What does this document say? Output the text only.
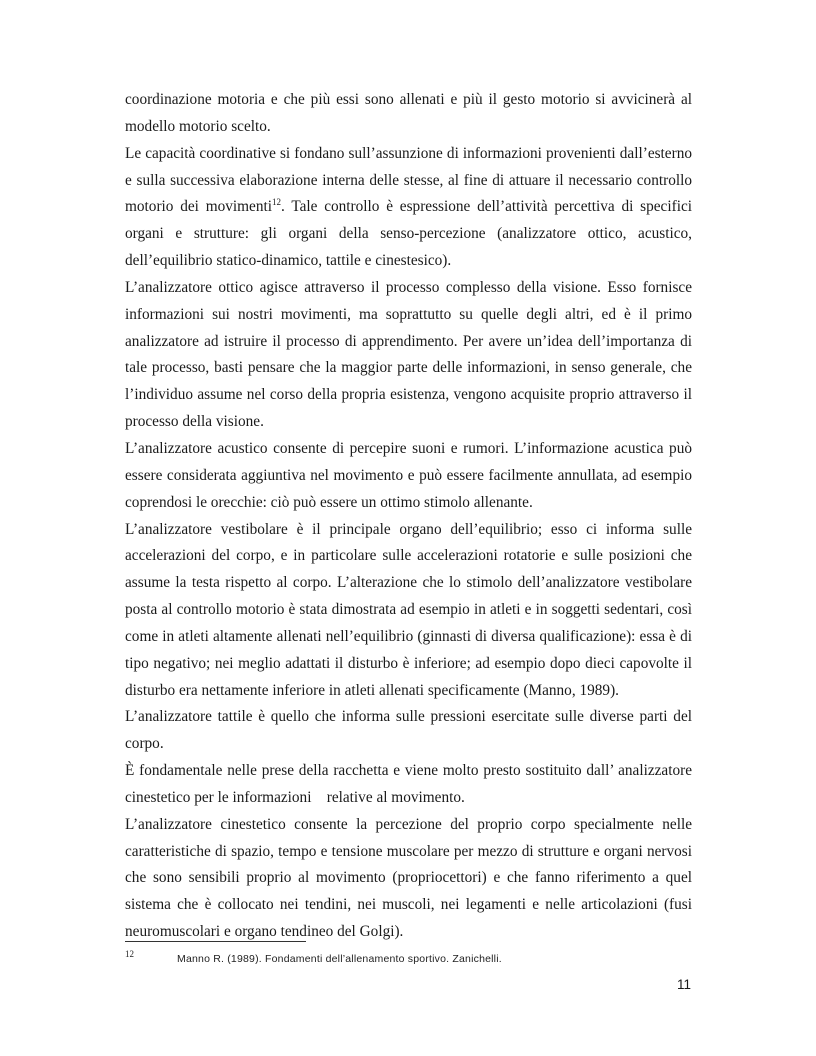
coordinazione motoria e che più essi sono allenati e più il gesto motorio si avvicinerà al modello motorio scelto.

Le capacità coordinative si fondano sull’assunzione di informazioni provenienti dall’esterno e sulla successiva elaborazione interna delle stesse, al fine di attuare il necessario controllo motorio dei movimenti$^{12}$. Tale controllo è espressione dell’attività percettiva di specifici organi e strutture: gli organi della senso-percezione (analizzatore ottico, acustico, dell’equilibrio statico-dinamico, tattile e cinestesico).

L’analizzatore ottico agisce attraverso il processo complesso della visione. Esso fornisce informazioni sui nostri movimenti, ma soprattutto su quelle degli altri, ed è il primo analizzatore ad istruire il processo di apprendimento. Per avere un’idea dell’importanza di tale processo, basti pensare che la maggior parte delle informazioni, in senso generale, che l’individuo assume nel corso della propria esistenza, vengono acquisite proprio attraverso il processo della visione.

L’analizzatore acustico consente di percepire suoni e rumori. L’informazione acustica può essere considerata aggiuntiva nel movimento e può essere facilmente annullata, ad esempio coprendosi le orecchie: ciò può essere un ottimo stimolo allenante.

L’analizzatore vestibolare è il principale organo dell’equilibrio; esso ci informa sulle accelerazioni del corpo, e in particolare sulle accelerazioni rotatorie e sulle posizioni che assume la testa rispetto al corpo. L’alterazione che lo stimolo dell’analizzatore vestibolare posta al controllo motorio è stata dimostrata ad esempio in atleti e in soggetti sedentari, così come in atleti altamente allenati nell’equilibrio (ginnasti di diversa qualificazione): essa è di tipo negativo; nei meglio adattati il disturbo è inferiore; ad esempio dopo dieci capovolte il disturbo era nettamente inferiore in atleti allenati specificamente (Manno, 1989).

L’analizzatore tattile è quello che informa sulle pressioni esercitate sulle diverse parti del corpo.

È fondamentale nelle prese della racchetta e viene molto presto sostituito dall’ analizzatore cinestetico per le informazioni    relative al movimento.

L’analizzatore cinestetico consente la percezione del proprio corpo specialmente nelle caratteristiche di spazio, tempo e tensione muscolare per mezzo di strutture e organi nervosi che sono sensibili proprio al movimento (propriocettori) e che fanno riferimento a quel sistema che è collocato nei tendini, nei muscoli, nei legamenti e nelle articolazioni (fusi neuromuscolari e organo tendineo del Golgi).

12	Manno R. (1989). Fondamenti dell’allenamento sportivo. Zanichelli.
11
